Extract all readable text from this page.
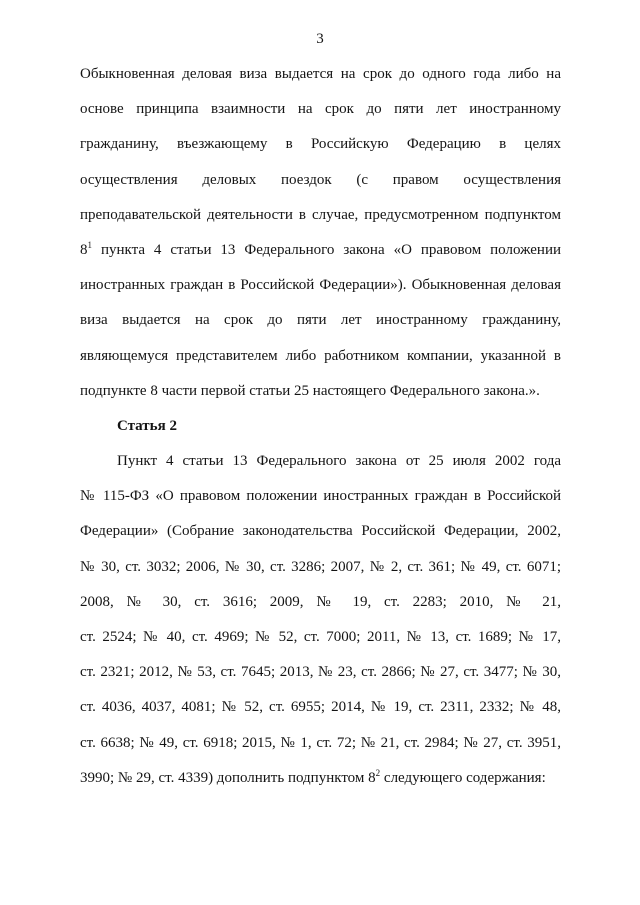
3
Обыкновенная деловая виза выдается на срок до одного года либо на
основе принципа взаимности на срок до пяти лет иностранному
гражданину, въезжающему в Российскую Федерацию в целях
осуществления деловых поездок (с правом осуществления
преподавательской деятельности в случае, предусмотренном подпунктом
$8^1$ пункта 4 статьи 13 Федерального закона «О правовом положении
иностранных граждан в Российской Федерации»). Обыкновенная деловая
виза выдается на срок до пяти лет иностранному гражданину,
являющемуся представителем либо работником компании, указанной в
подпункте 8 части первой статьи 25 настоящего Федерального закона.».
Статья 2
Пункт 4 статьи 13 Федерального закона от 25 июля 2002 года
№ 115-ФЗ «О правовом положении иностранных граждан в Российской
Федерации» (Собрание законодательства Российской Федерации, 2002,
№ 30, ст. 3032; 2006, № 30, ст. 3286; 2007, № 2, ст. 361; № 49, ст. 6071;
2008, № 30, ст. 3616; 2009, № 19, ст. 2283; 2010, № 21,
ст. 2524; № 40, ст. 4969; № 52, ст. 7000; 2011, № 13, ст. 1689; № 17,
ст. 2321; 2012, № 53, ст. 7645; 2013, № 23, ст. 2866; № 27, ст. 3477; № 30,
ст. 4036, 4037, 4081; № 52, ст. 6955; 2014, № 19, ст. 2311, 2332; № 48,
ст. 6638; № 49, ст. 6918; 2015, № 1, ст. 72; № 21, ст. 2984; № 27, ст. 3951,
3990; № 29, ст. 4339) дополнить подпунктом $8^2$ следующего содержания:
